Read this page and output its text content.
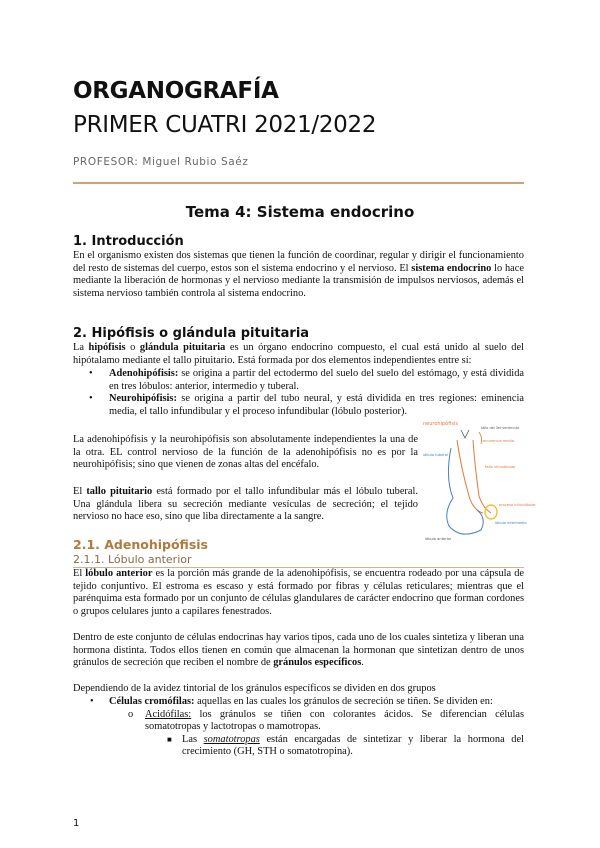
ORGANOGRAFÍA
PRIMER CUATRI 2021/2022
PROFESOR: Miguel Rubio Saéz
Tema 4: Sistema endocrino
1. Introducción
En el organismo existen dos sistemas que tienen la función de coordinar, regular y dirigir el funcionamiento del resto de sistemas del cuerpo, estos son el sistema endocrino y el nervioso. El sistema endocrino lo hace mediante la liberación de hormonas y el nervioso mediante la transmisión de impulsos nerviosos, además el sistema nervioso también controla al sistema endocrino.
2. Hipófisis o glándula pituitaria
La hipófisis o glándula pituitaria es un órgano endocrino compuesto, el cual está unido al suelo del hipótalamo mediante el tallo pituitario. Está formada por dos elementos independientes entre sí:
• Adenohipófisis: se origina a partir del ectodermo del suelo del suelo del estómago, y está dividida en tres lóbulos: anterior, intermedio y tuberal.
• Neurohipófisis: se origina a partir del tubo neural, y está dividida en tres regiones: eminencia media, el tallo infundibular y el proceso infundibular (lóbulo posterior).
La adenohipófisis y la neurohipófisis son absolutamente independientes la una de la otra. EL control nervioso de la función de la adenohipófisis no es por la neurohipófisis; sino que vienen de zonas altas del encéfalo.
El tallo pituitario está formado por el tallo infundibular más el lóbulo tuberal. Una glándula libera su secreción mediante vesículas de secreción; el tejido nervioso no hace eso, sino que liba directamente a la sangre.
neurohipófisis
tallo del 3er ventrículo
eminencia media
tallo infundibular
lóbulo tuberal
proceso infundibular
lóbulo intermedio
lóbulo anterior
2.1. Adenohipófisis
2.1.1. Lóbulo anterior
El lóbulo anterior es la porción más grande de la adenohipófisis, se encuentra rodeado por una cápsula de tejido conjuntivo. El estroma es escaso y está formado por fibras y células reticulares; mientras que el parénquima esta formado por un conjunto de células glandulares de carácter endocrino que forman cordones o grupos celulares junto a capilares fenestrados.
Dentro de este conjunto de células endocrinas hay varios tipos, cada uno de los cuales sintetiza y liberan una hormona distinta. Todos ellos tienen en común que almacenan la hormonan que sintetizan dentro de unos gránulos de secreción que reciben el nombre de gránulos específicos.
Dependiendo de la avidez tintorial de los gránulos específicos se dividen en dos grupos
• Células cromófilas: aquellas en las cuales los gránulos de secreción se tiñen. Se dividen en:
o Acidófilas: los gránulos se tiñen con colorantes ácidos. Se diferencian células somatotropas y lactotropas o mamotropas.
■ Las somatotropas están encargadas de sintetizar y liberar la hormona del crecimiento (GH, STH o somatotropina).
1
